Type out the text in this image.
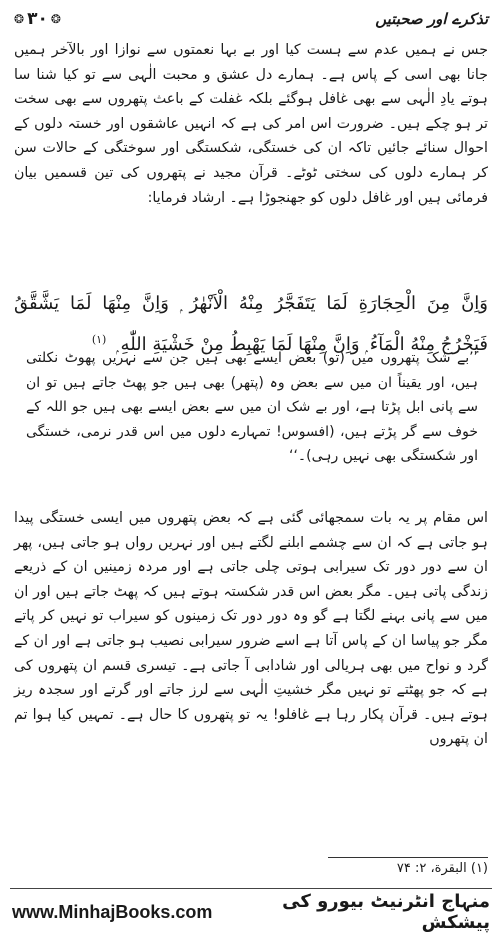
تذکرے اور صحبتیں
❂
۳۰
❂

جس نے ہمیں عدم سے ہست کیا اور بے بہا نعمتوں سے نوازا اور بالآخر ہمیں جانا بھی اسی کے پاس ہے۔ ہمارے دل عشق و محبت الٰہی سے تو کیا شنا سا ہوتے یادِ الٰہی سے بھی غافل ہوگئے بلکہ غفلت کے باعث پتھروں سے بھی سخت تر ہو چکے ہیں۔ ضرورت اس امر کی ہے کہ انہیں عاشقوں اور خستہ دلوں کے احوال سنائے جائیں تاکہ ان کی خستگی، شکستگی اور سوختگی کے حالات سن کر ہمارے دلوں کی سختی ٹوٹے۔ قرآن مجید نے پتھروں کی تین قسمیں بیان فرمائی ہیں اور غافل دلوں کو جھنجوڑا ہے۔ ارشاد فرمایا:

وَاِنَّ مِنَ الْحِجَارَةِ لَمَا يَتَفَجَّرُ مِنْهُ الْاَنْهٰرُ ۭ وَاِنَّ مِنْهَا لَمَا يَشَّقَّقُ
فَيَخْرُجُ مِنْهُ الْمَآءُ ۭ وَاِنَّ مِنْهَا لَمَا يَهْبِطُ مِنْ خَشْيَةِ اللّٰهِ ۭ $^{(۱)}$

’’بے شک پتھروں میں (تو) بعض ایسے بھی ہیں جن سے نہریں پھوٹ نکلتی ہیں، اور یقیناً ان میں سے بعض وہ (پتھر) بھی ہیں جو پھٹ جاتے ہیں تو ان سے پانی ابل پڑتا ہے، اور بے شک ان میں سے بعض ایسے بھی ہیں جو اللہ کے خوف سے گر پڑتے ہیں، (افسوس! تمہارے دلوں میں اس قدر نرمی، خستگی اور شکستگی بھی نہیں رہی)۔‘‘

اس مقام پر یہ بات سمجھائی گئی ہے کہ بعض پتھروں میں ایسی خستگی پیدا ہو جاتی ہے کہ ان سے چشمے ابلنے لگتے ہیں اور نہریں رواں ہو جاتی ہیں، پھر ان سے دور دور تک سیرابی ہوتی چلی جاتی ہے اور مردہ زمینیں ان کے ذریعے زندگی پاتی ہیں۔ مگر بعض اس قدر شکستہ ہوتے ہیں کہ پھٹ جاتے ہیں اور ان میں سے پانی بہنے لگتا ہے گو وہ دور دور تک زمینوں کو سیراب تو نہیں کر پاتے مگر جو پیاسا ان کے پاس آتا ہے اسے ضرور سیرابی نصیب ہو جاتی ہے اور ان کے گرد و نواح میں بھی ہریالی اور شادابی آ جاتی ہے۔ تیسری قسم ان پتھروں کی ہے کہ جو پھٹتے تو نہیں مگر خشیتِ الٰہی سے لرز جاتے اور گرتے اور سجدہ ریز ہوتے ہیں۔ قرآن پکار رہا ہے غافلو! یہ تو پتھروں کا حال ہے۔ تمہیں کیا ہوا تم ان پتھروں

(۱) البقرة، ۲: ۷۴
www.MinhajBooks.com	منہاج انٹرنیٹ بیورو کی پیشکش
